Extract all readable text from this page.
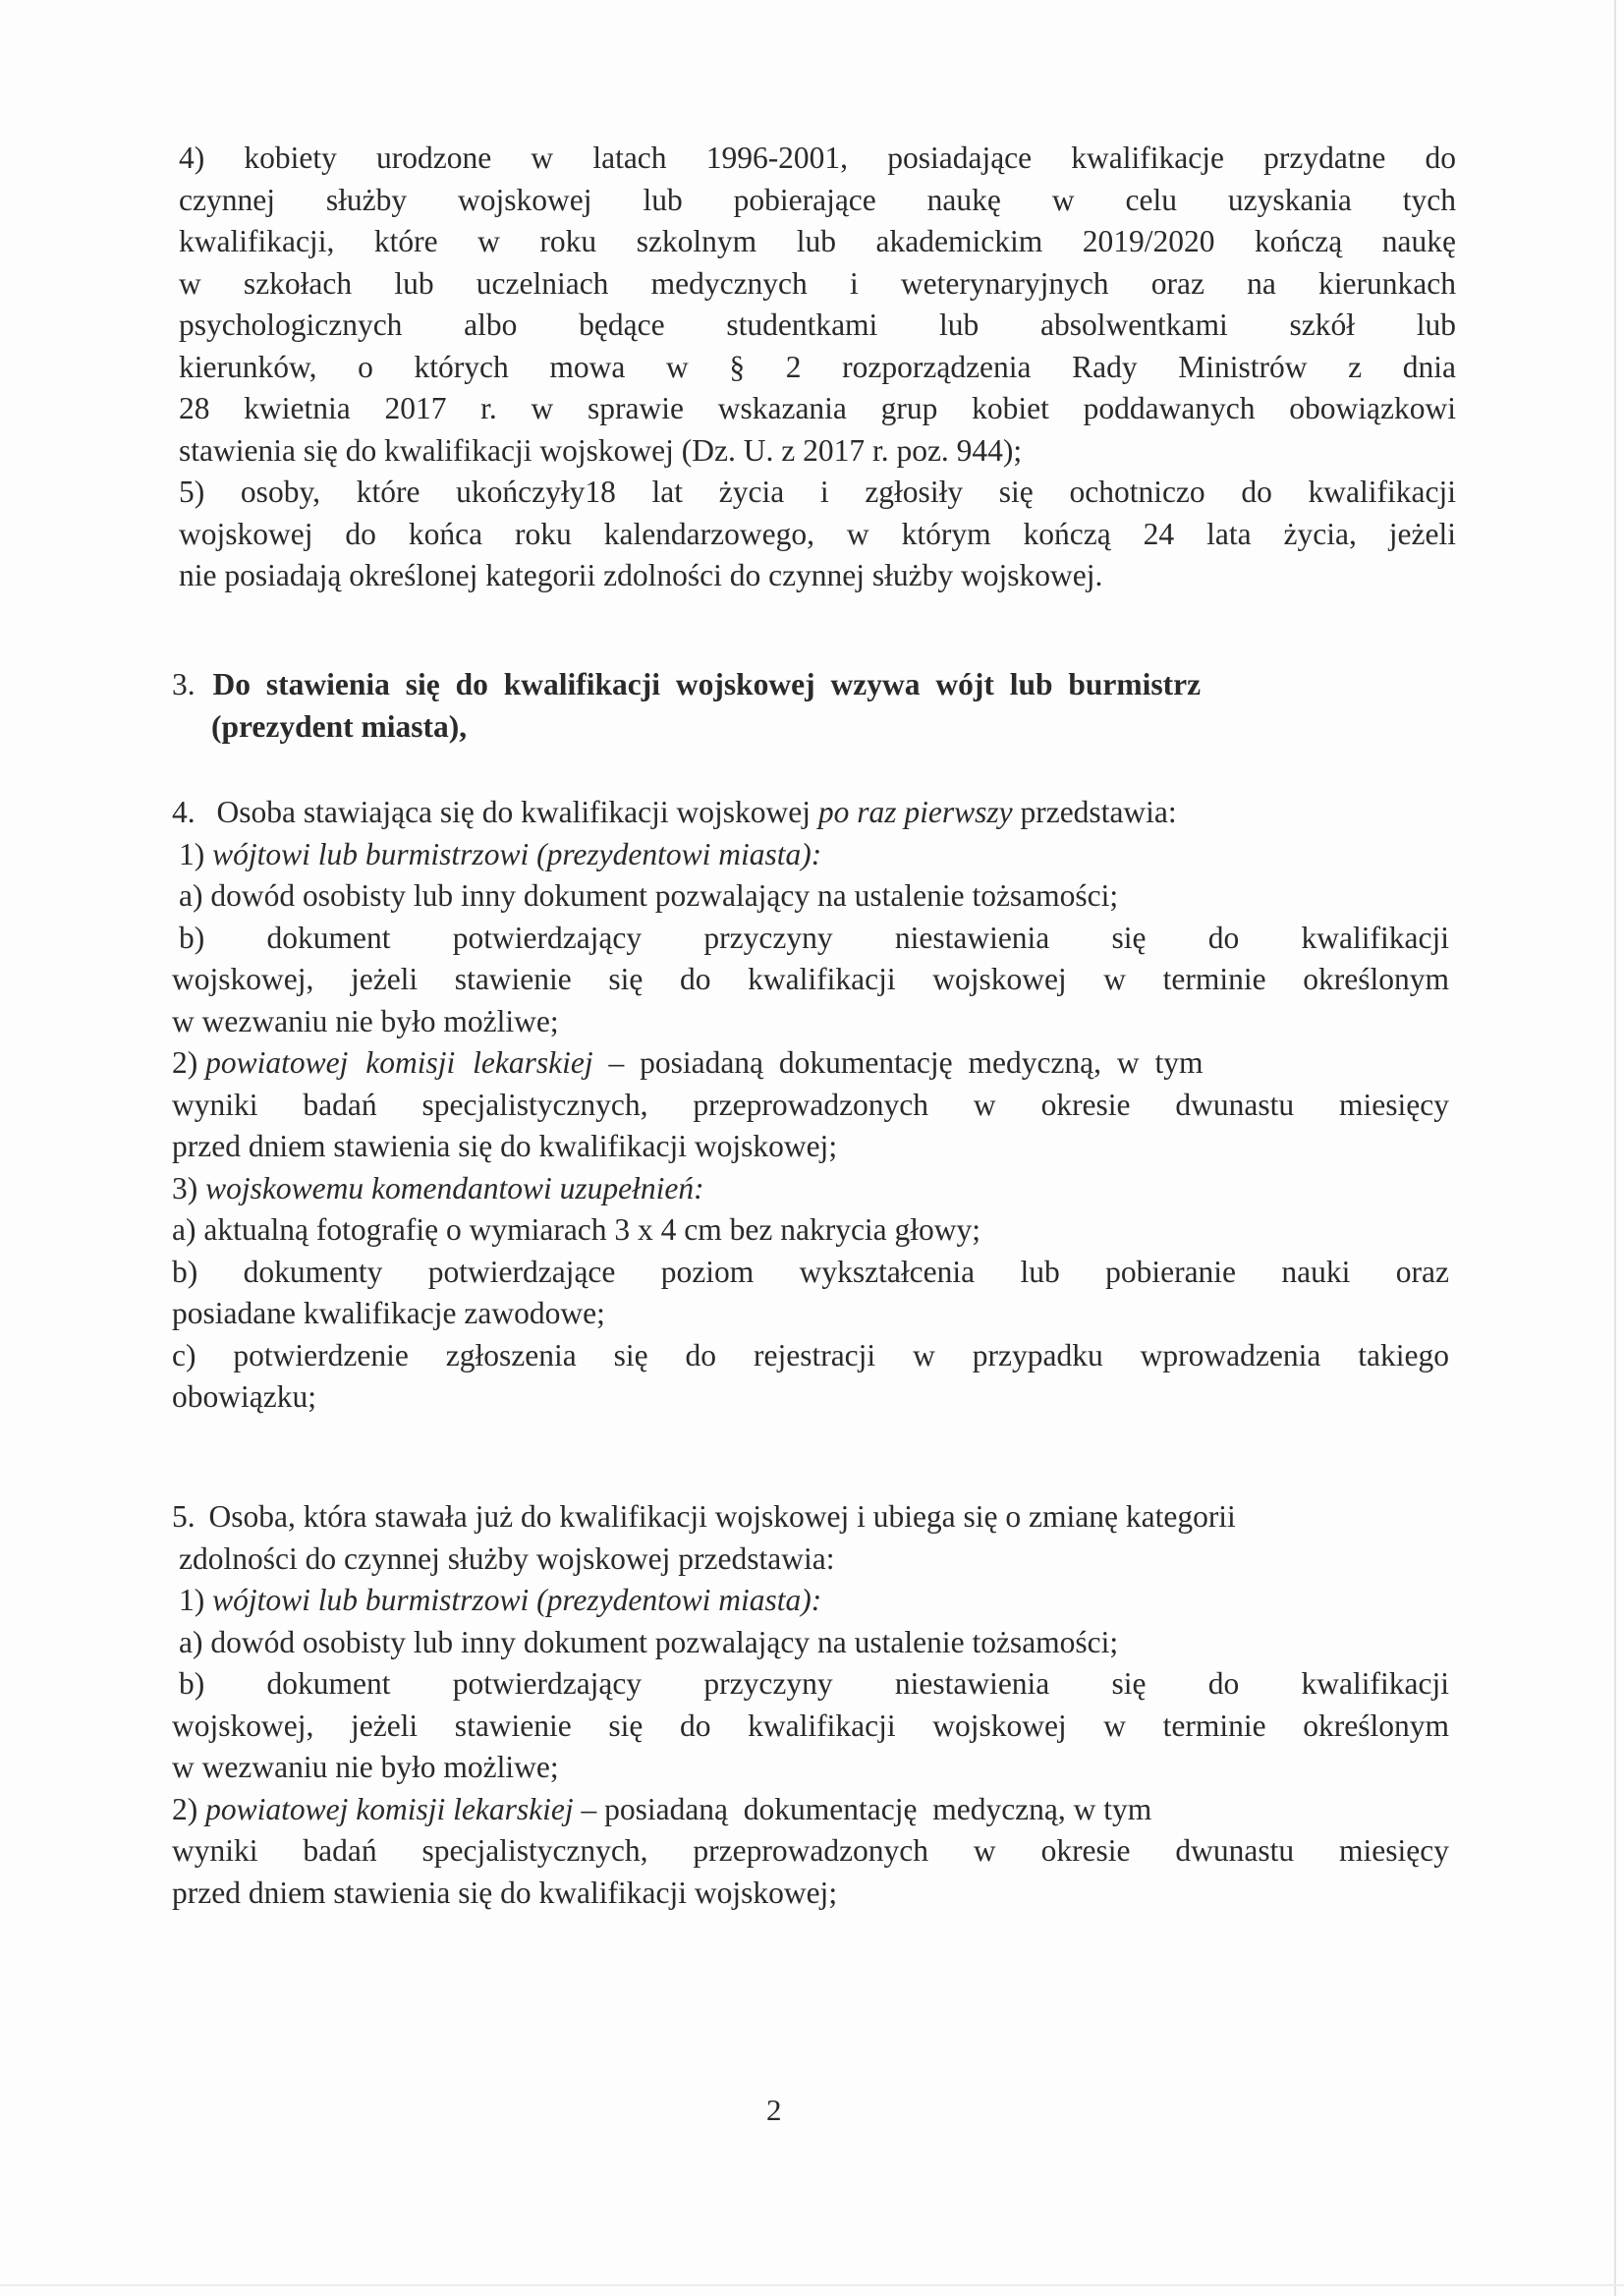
4) kobiety urodzone w latach 1996-2001, posiadające kwalifikacje przydatne do
czynnej służby wojskowej lub pobierające naukę w celu uzyskania tych
kwalifikacji, które w roku szkolnym lub akademickim 2019/2020 kończą naukę
w szkołach lub uczelniach medycznych i weterynaryjnych oraz na kierunkach
psychologicznych albo będące studentkami lub absolwentkami szkół lub
kierunków, o których mowa w § 2 rozporządzenia Rady Ministrów z dnia
28 kwietnia 2017 r. w sprawie wskazania grup kobiet poddawanych obowiązkowi
stawienia się do kwalifikacji wojskowej (Dz. U. z 2017 r. poz. 944);
5) osoby, które ukończyły18 lat życia i zgłosiły się ochotniczo do kwalifikacji
wojskowej do końca roku kalendarzowego, w którym kończą 24 lata życia, jeżeli
nie posiadają określonej kategorii zdolności do czynnej służby wojskowej.
3. Do stawienia się do kwalifikacji wojskowej wzywa wójt lub burmistrz
(prezydent miasta),
4. Osoba stawiająca się do kwalifikacji wojskowej po raz pierwszy przedstawia:
1) wójtowi lub burmistrzowi (prezydentowi miasta):
a) dowód osobisty lub inny dokument pozwalający na ustalenie tożsamości;
b) dokument potwierdzający przyczyny niestawienia się do kwalifikacji
wojskowej, jeżeli stawienie się do kwalifikacji wojskowej w terminie określonym
w wezwaniu nie było możliwe;
2) powiatowej komisji lekarskiej – posiadaną dokumentację medyczną, w tym
wyniki badań specjalistycznych, przeprowadzonych w okresie dwunastu miesięcy
przed dniem stawienia się do kwalifikacji wojskowej;
3) wojskowemu komendantowi uzupełnień:
a) aktualną fotografię o wymiarach 3 x 4 cm bez nakrycia głowy;
b) dokumenty potwierdzające poziom wykształcenia lub pobieranie nauki oraz
posiadane kwalifikacje zawodowe;
c) potwierdzenie zgłoszenia się do rejestracji w przypadku wprowadzenia takiego
obowiązku;
5. Osoba, która stawała już do kwalifikacji wojskowej i ubiega się o zmianę kategorii
zdolności do czynnej służby wojskowej przedstawia:
1) wójtowi lub burmistrzowi (prezydentowi miasta):
a) dowód osobisty lub inny dokument pozwalający na ustalenie tożsamości;
b) dokument potwierdzający przyczyny niestawienia się do kwalifikacji
wojskowej, jeżeli stawienie się do kwalifikacji wojskowej w terminie określonym
w wezwaniu nie było możliwe;
2) powiatowej komisji lekarskiej – posiadaną  dokumentację  medyczną, w tym
wyniki badań specjalistycznych, przeprowadzonych w okresie dwunastu miesięcy
przed dniem stawienia się do kwalifikacji wojskowej;
2
